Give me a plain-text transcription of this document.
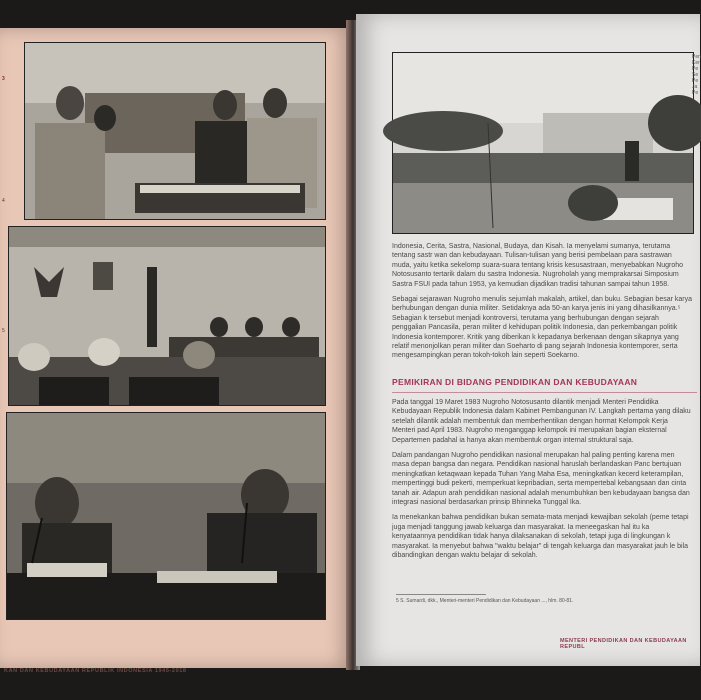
3
4
5
KAN DAN KEBUDAYAAN REPUBLIK INDONESIA 1945-2018
Pen
Ker
Pe
Se
Pe
Ja
Pe

Indonesia, Cerita, Sastra, Nasional, Budaya, dan Kisah. Ia menyelami sumanya, terutama tentang sastr wan dan kebudayaan. Tulisan-tulisan yang berisi pembelaan para sastrawan muda, yaitu ketika sekelomp suara-suara tentang krisis kesusastraan, menyebabkan Nugroho Notosusanto tertarik dalam du sastra Indonesia. Nugroholah yang memprakarsai Simposium Sastra FSUI pada tahun 1953, ya kemudian dijadikan tradisi tahunan sampai tahun 1958.

Sebagai sejarawan Nugroho menulis sejumlah makalah, artikel, dan buku. Sebagian besar karya berhubungan dengan dunia militer. Setidaknya ada 50-an karya jenis ini yang dihasilkannya.⁵ Sebagian k tersebut menjadi kontroversi, terutama yang berhubungan dengan sejarah penggalian Pancasila, peran militer d kehidupan politik Indonesia, dan perkembangan politik Indonesia kontemporer. Kritik yang diberikan k kepadanya berkenaan dengan sikapnya yang relatif menonjolkan peran militer dan Soeharto di pang sejarah Indonesia kontemporer, serta mengesampingkan peran tokoh-tokoh lain seperti Soekarno.

PEMIKIRAN DI BIDANG PENDIDIKAN DAN KEBUDAYAAN

Pada tanggal 19 Maret 1983 Nugroho Notosusanto dilantik menjadi Menteri Pendidika Kebudayaan Republik Indonesia dalam Kabinet Pembangunan IV. Langkah pertama yang dilaku setelah dilantik adalah membentuk dan memberhentikan dengan hormat Kelompok Kerja Menteri pad April 1983. Nugroho menganggap kelompok ini merupakan bagian eksternal Departemen padahal ia hanya akan membentuk organ internal struktural saja.

Dalam pandangan Nugroho pendidikan nasional merupakan hal paling penting karena men masa depan bangsa dan negara. Pendidikan nasional haruslah berlandaskan Panc bertujuan meningkatkan ketaqwaan kepada Tuhan Yang Maha Esa, meningkatkan kecerd keterampilan, mempertinggi budi pekerti, memperkuat kepribadian, serta mempertebal kebangsaan dan cinta tanah air. Adapun arah pendidikan nasional adalah menumbuhkan ben kebudayaan bangsa dan integrasi nasional berdasarkan prinsip Bhinneka Tunggal Ika.

Ia menekankan bahwa pendidikan bukan semata-mata menjadi kewajiban sekolah (peme tetapi juga menjadi tanggung jawab keluarga dan masyarakat. Ia meneegaskan hal itu ka kenyataannya pendidikan tidak hanya dilaksanakan di sekolah, tetapi juga di lingkungan k masyarakat. Ia menyebut bahwa "waktu belajar" di tengah keluarga dan masyarakat jauh le bila dibandingkan dengan waktu belajar di sekolah.

5 S. Sumardi, dkk., Menteri-menteri Pendidikan dan Kebudayaan ..., hlm. 80-81.
MENTERI PENDIDIKAN DAN KEBUDAYAAN REPUBL
